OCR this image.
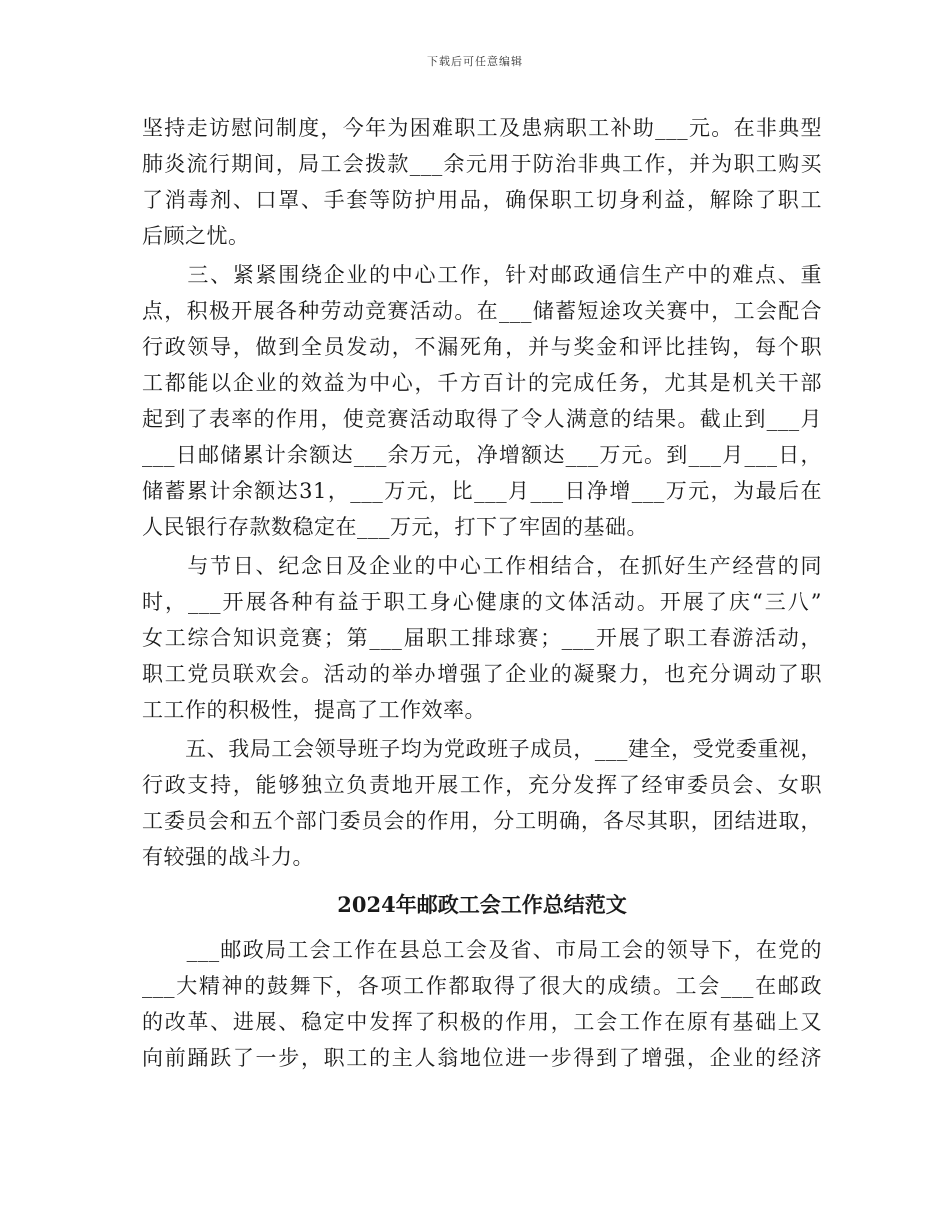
下载后可任意编辑
坚持走访慰问制度，今年为困难职工及患病职工补助___元。在非典型
肺炎流行期间，局工会拨款___余元用于防治非典工作，并为职工购买
了消毒剂、口罩、手套等防护用品，确保职工切身利益，解除了职工
后顾之忧。
　　三、紧紧围绕企业的中心工作，针对邮政通信生产中的难点、重
点，积极开展各种劳动竞赛活动。在___储蓄短途攻关赛中，工会配合
行政领导，做到全员发动，不漏死角，并与奖金和评比挂钩，每个职
工都能以企业的效益为中心，千方百计的完成任务，尤其是机关干部
起到了表率的作用，使竞赛活动取得了令人满意的结果。截止到___月
___日邮储累计余额达___余万元，净增额达___万元。到___月___日，
储蓄累计余额达31，___万元，比___月___日净增___万元，为最后在
人民银行存款数稳定在___万元，打下了牢固的基础。
　　与节日、纪念日及企业的中心工作相结合，在抓好生产经营的同
时，___开展各种有益于职工身心健康的文体活动。开展了庆“三八”
女工综合知识竞赛；第___届职工排球赛；___开展了职工春游活动，
职工党员联欢会。活动的举办增强了企业的凝聚力，也充分调动了职
工工作的积极性，提高了工作效率。
　　五、我局工会领导班子均为党政班子成员，___建全，受党委重视，
行政支持，能够独立负责地开展工作，充分发挥了经审委员会、女职
工委员会和五个部门委员会的作用，分工明确，各尽其职，团结进取，
有较强的战斗力。
2024年邮政工会工作总结范文
　　___邮政局工会工作在县总工会及省、市局工会的领导下，在党的
___大精神的鼓舞下，各项工作都取得了很大的成绩。工会___在邮政
的改革、进展、稳定中发挥了积极的作用，工会工作在原有基础上又
向前踊跃了一步，职工的主人翁地位进一步得到了增强，企业的经济
